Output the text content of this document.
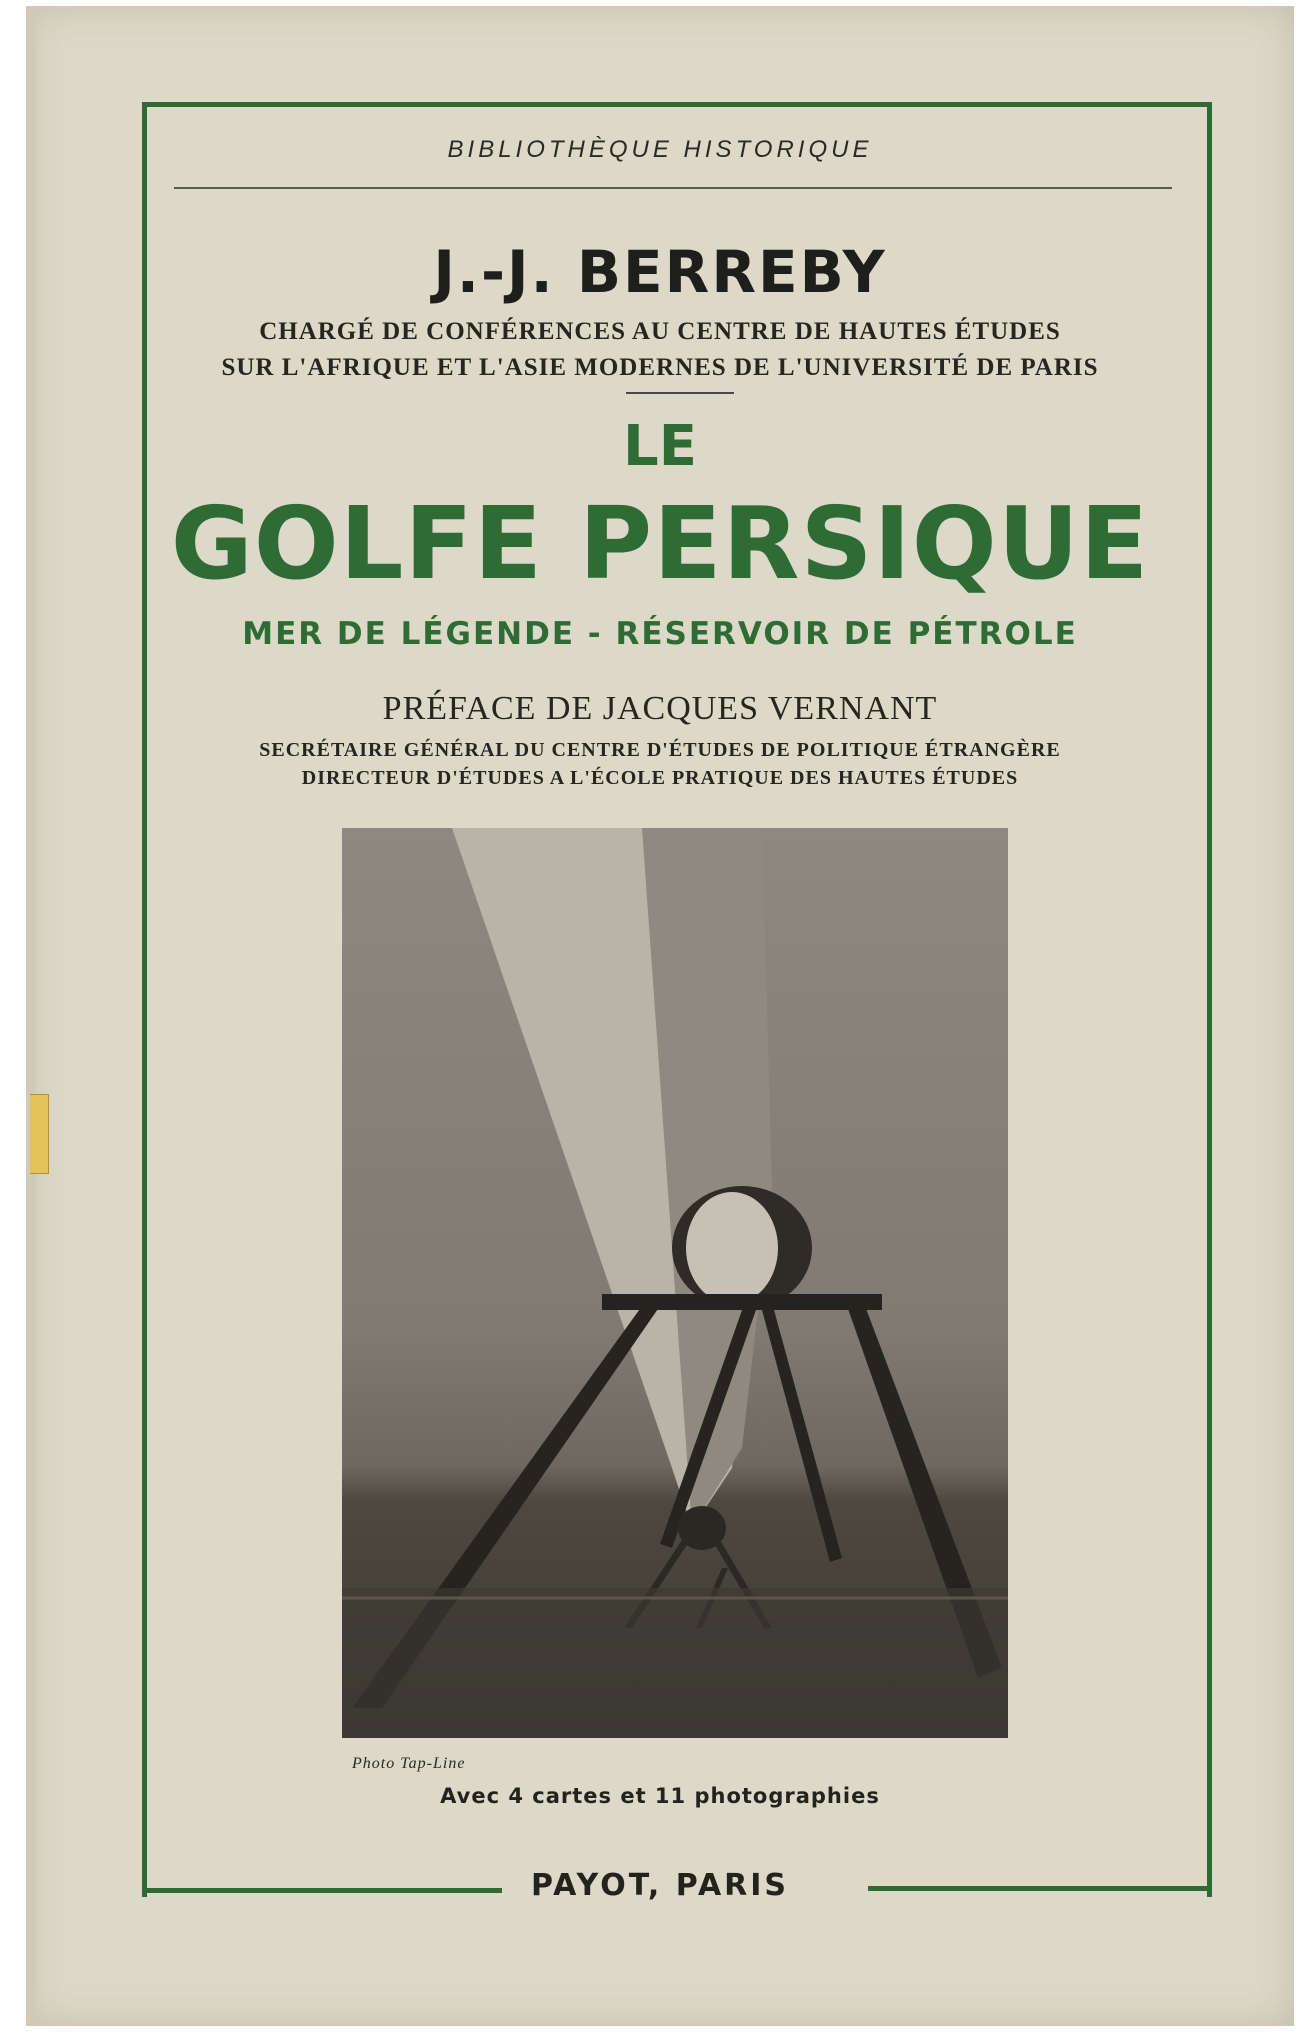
BIBLIOTHÈQUE HISTORIQUE

J.-J. BERREBY

CHARGÉ DE CONFÉRENCES AU CENTRE DE HAUTES ÉTUDES
SUR L'AFRIQUE ET L'ASIE MODERNES DE L'UNIVERSITÉ DE PARIS

LE

GOLFE PERSIQUE

MER DE LÉGENDE - RÉSERVOIR DE PÉTROLE

PRÉFACE DE JACQUES VERNANT

SECRÉTAIRE GÉNÉRAL DU CENTRE D'ÉTUDES DE POLITIQUE ÉTRANGÈRE
DIRECTEUR D'ÉTUDES A L'ÉCOLE PRATIQUE DES HAUTES ÉTUDES

Photo Tap-Line

Avec 4 cartes et 11 photographies

PAYOT, PARIS
